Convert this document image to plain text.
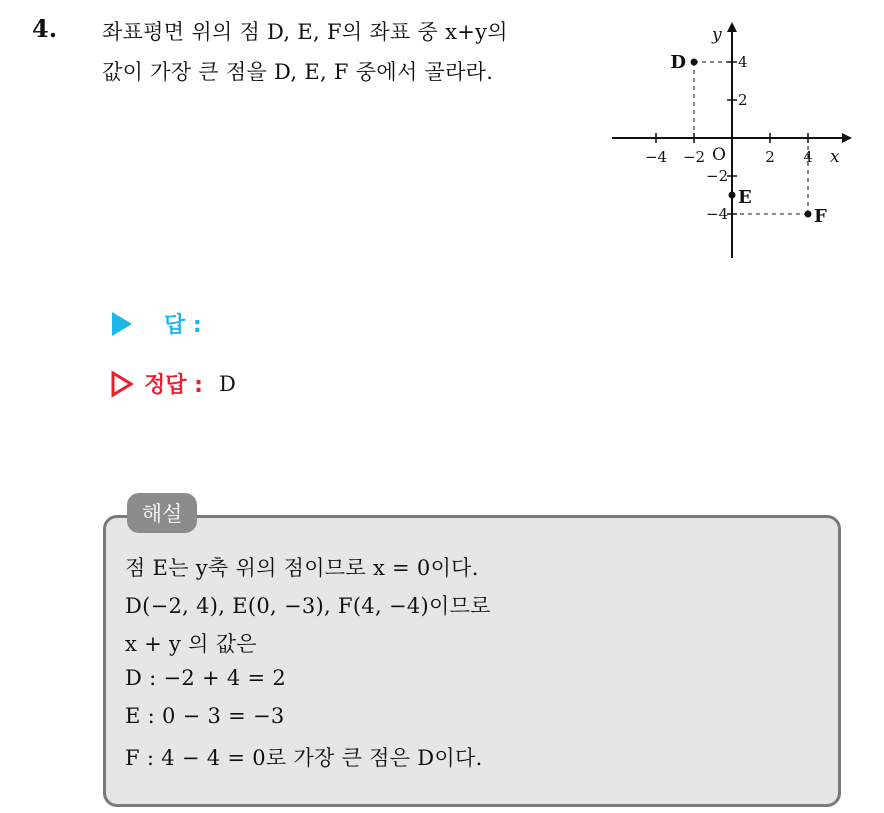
4. 좌표평면 위의 점 D, E, F의 좌표 중 x+y의
값이 가장 큰 점을 D, E, F 중에서 골라라.
x
y
O
−4 −2	2 4
4
2
−2
−4
D
E
F
답 :
정답 : D
해설
점 E는 y축 위의 점이므로 x = 0이다.
D(−2, 4), E(0, −3), F(4, −4)이므로
x + y 의 값은
D : −2 + 4 = 2
E : 0 − 3 = −3
F : 4 − 4 = 0로 가장 큰 점은 D이다.
